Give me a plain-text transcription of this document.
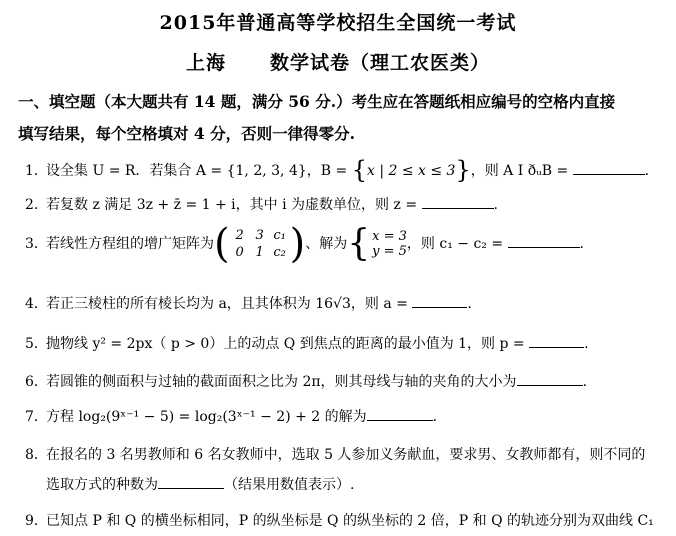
2015年普通高等学校招生全国统一考试
上海 数学试卷（理工农医类）
一、填空题（本大题共有 14 题，满分 56 分.）考生应在答题纸相应编号的空格内直接
填写结果，每个空格填对 4 分，否则一律得零分.
1．设全集 U = R．若集合 A = {1, 2, 3, 4}，B = {x | 2 ≤ x ≤ 3}，则 A I ðᵤB =	.
2．若复数 z 满足 3z + z̄ = 1 + i，其中 i 为虚数单位，则 z =	.
3．若线性方程组的增广矩阵为 ( 2 3 c₁
0 1 c₂ ) 、解为 { x = 3
y = 5 ，则 c₁ − c₂ =	.
4．若正三棱柱的所有棱长均为 a，且其体积为 16√3，则 a =	.
5．抛物线 y² = 2px（ p > 0）上的动点 Q 到焦点的距离的最小值为 1，则 p =	.
6．若圆锥的侧面积与过轴的截面面积之比为 2π，则其母线与轴的夹角的大小为	.
7．方程 log₂(9ˣ⁻¹ − 5) = log₂(3ˣ⁻¹ − 2) + 2 的解为	.
8．在报名的 3 名男教师和 6 名女教师中，选取 5 人参加义务献血，要求男、女教师都有，则不同的
选取方式的种数为	（结果用数值表示）.
9．已知点 P 和 Q 的横坐标相同，P 的纵坐标是 Q 的纵坐标的 2 倍，P 和 Q 的轨迹分别为双曲线 C₁
